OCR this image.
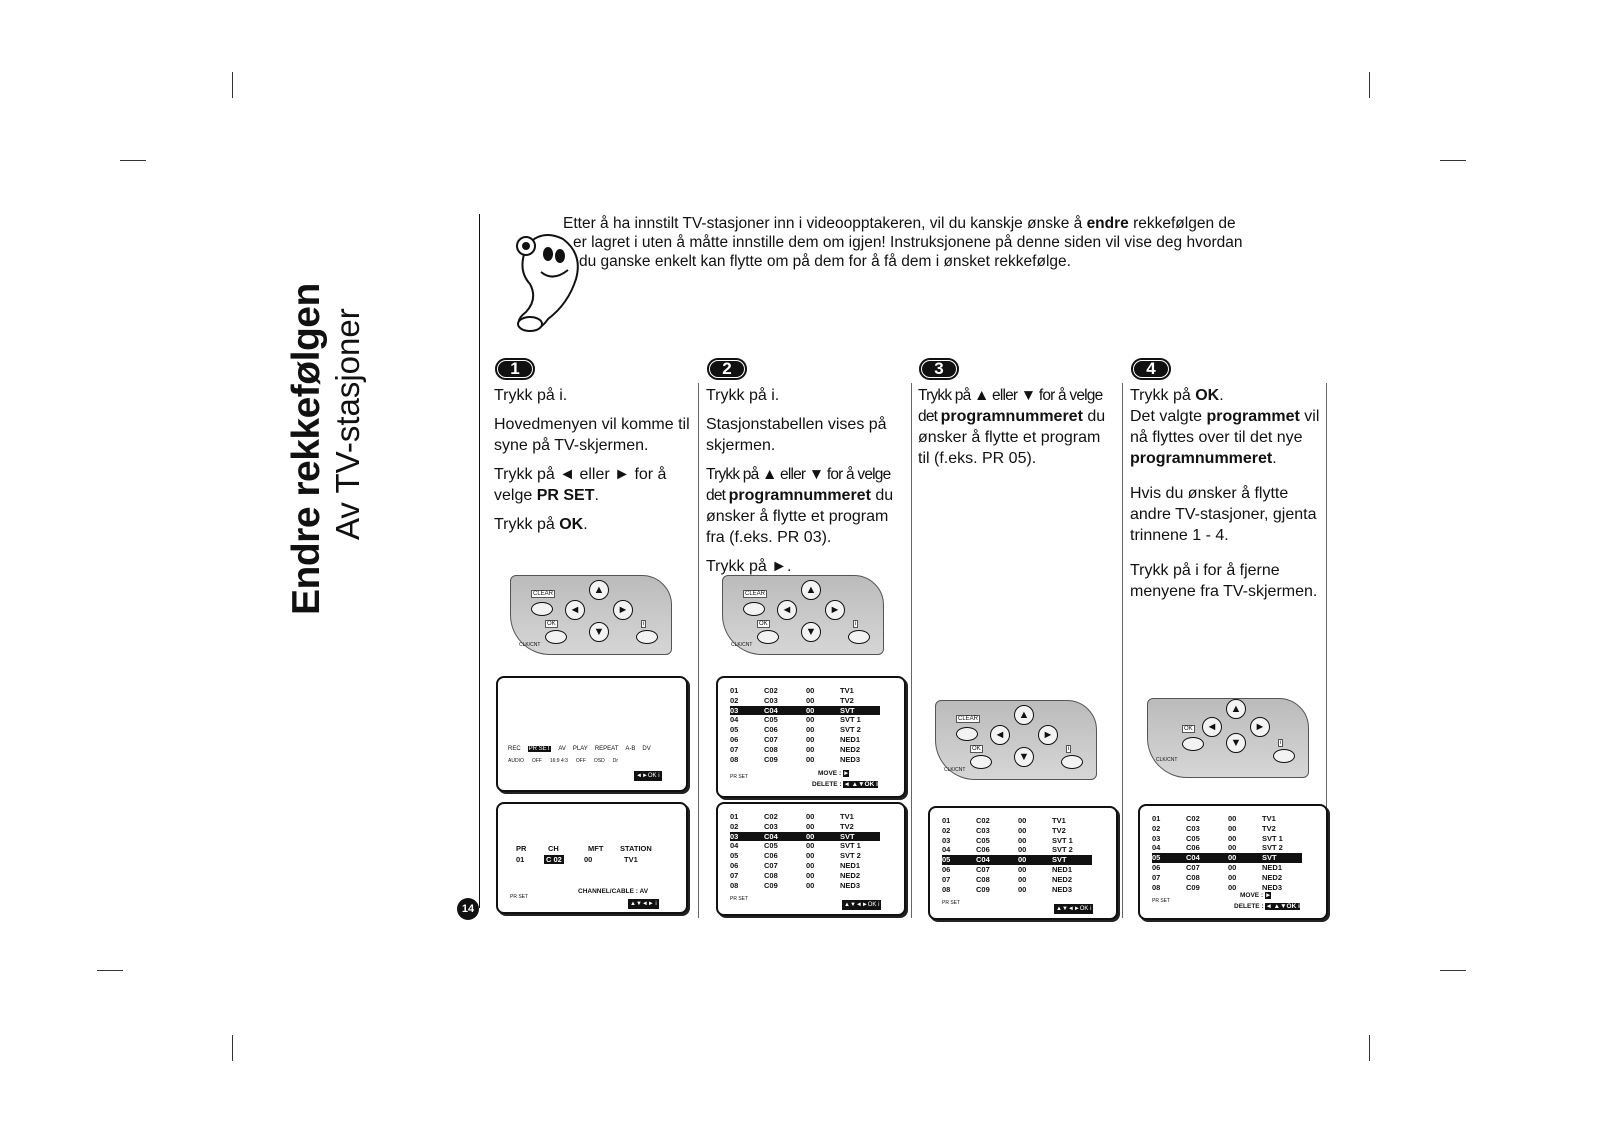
Endre rekkefølgen Av TV-stasjoner

Etter å ha innstilt TV-stasjoner inn i videoopptakeren, vil du kanskje ønske å endre rekkefølgen de

er lagret i uten å måtte innstille dem om igjen! Instruksjonene på denne siden vil vise deg hvordan

du ganske enkelt kan flytte om på dem for å få dem i ønsket rekkefølge.

1	2	3	4

Trykk på i.

Hovedmenyen vil komme til syne på TV-skjermen.

Trykk på ◄ eller ► for å velge PR SET.

Trykk på OK.

Trykk på i.

Stasjonstabellen vises på skjermen.

Trykk på ▲ eller ▼ for å velge det programnummeret du ønsker å flytte et program fra (f.eks. PR 03).

Trykk på ►.

Trykk på ▲ eller ▼ for å velge det programnummeret du ønsker å flytte et program til (f.eks. PR 05).

Trykk på OK.

Det valgte programmet vil nå flyttes over til det nye programnummeret.

Hvis du ønsker å flytte andre TV-stasjoner, gjenta trinnene 1 - 4.

Trykk på i for å fjerne menyene fra TV-skjermen.

CLEAR
OK
◄
▲
▼
►
i
CLK/CNT
CLEAR
OK
◄
▲
▼
►
i
CLK/CNT
CLEAR
OK
◄
▲
▼
►
i
CLK/CNT
OK	◄
▲
▼
►
i
CLK/CNT
REC PR SET AV PLAY REPEAT A-B DV
AUDIO OFF 16:9 4:3 OFF OSD Dr
◄►OK i
PR	CH	MFT	STATION
01	C 02	00	TV1
CHANNEL/CABLE : AV
PR SET
▲▼◄► i
01	C02	00	TV1
02	C03	00	TV2
03	C04	00	SVT
04	C05	00	SVT 1
05	C06	00	SVT 2
06	C07	00	NED1
07	C08	00	NED2
08	C09	00	NED3
MOVE : ►
DELETE : ◄ ▲▼OK i
PR SET
01	C02	00	TV1
02	C03	00	TV2
03	C04	00	SVT
04	C05	00	SVT 1
05	C06	00	SVT 2
06	C07	00	NED1
07	C08	00	NED2
08	C09	00	NED3
▲▼◄►OK i
PR SET
01	C02	00	TV1
02	C03	00	TV2
03	C05	00	SVT 1
04	C06	00	SVT 2
05	C04	00	SVT
06	C07	00	NED1
07	C08	00	NED2
08	C09	00	NED3
▲▼◄►OK i
PR SET
01	C02	00	TV1
02	C03	00	TV2
03	C05	00	SVT 1
04	C06	00	SVT 2
05	C04	00	SVT
06	C07	00	NED1
07	C08	00	NED2
08	C09	00	NED3
MOVE : ►
DELETE : ◄ ▲▼OK i
PR SET
14
